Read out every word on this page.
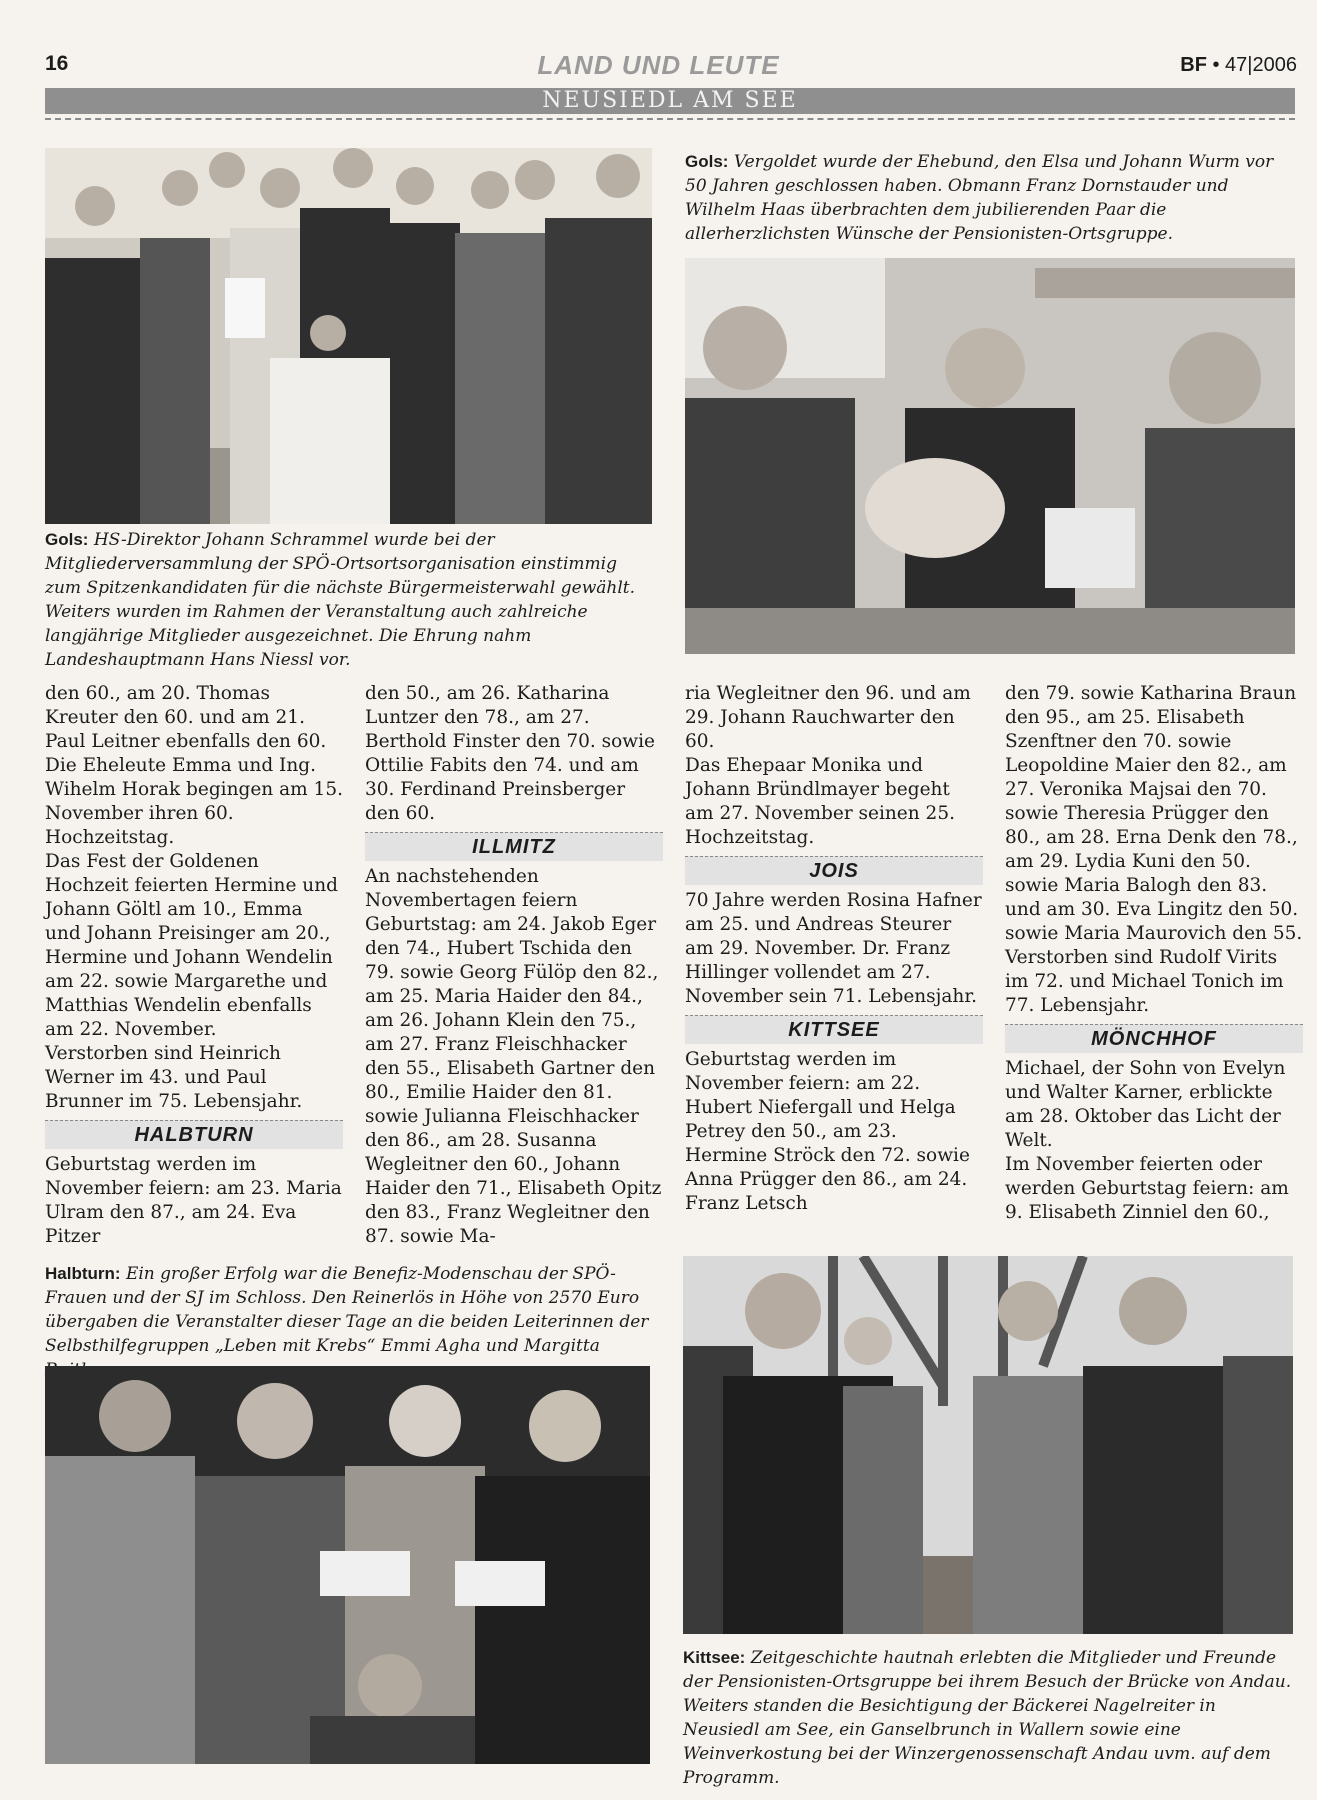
16	LAND UND LEUTE	BF • 47|2006
NEUSIEDL AM SEE
Gols: HS-Direktor Johann Schrammel wurde bei der Mitgliederversammlung der SPÖ-Ortsortsorganisation einstimmig zum Spitzenkandidaten für die nächste Bürgermeisterwahl gewählt. Weiters wurden im Rahmen der Veranstaltung auch zahlreiche langjährige Mitglieder ausgezeichnet. Die Ehrung nahm Landeshauptmann Hans Niessl vor.
Gols: Vergoldet wurde der Ehebund, den Elsa und Johann Wurm vor 50 Jahren geschlossen haben. Obmann Franz Dornstauder und Wilhelm Haas überbrachten dem jubilierenden Paar die allerherzlichsten Wünsche der Pensionisten-Ortsgruppe.

den 60., am 20. Thomas Kreuter den 60. und am 21. Paul Leitner ebenfalls den 60.

Die Eheleute Emma und Ing. Wihelm Horak begingen am 15. November ihren 60. Hochzeitstag.

Das Fest der Goldenen Hochzeit feierten Hermine und Johann Göltl am 10., Emma und Johann Preisinger am 20., Hermine und Johann Wendelin am 22. sowie Margarethe und Matthias Wendelin ebenfalls am 22. November.

Verstorben sind Heinrich Werner im 43. und Paul Brunner im 75. Lebensjahr.

HALBTURN

Geburtstag werden im November feiern: am 23. Maria Ulram den 87., am 24. Eva Pitzer

den 50., am 26. Katharina Luntzer den 78., am 27. Berthold Finster den 70. sowie Ottilie Fabits den 74. und am 30. Ferdinand Preinsberger den 60.

ILLMITZ

An nachstehenden Novembertagen feiern Geburtstag: am 24. Jakob Eger den 74., Hubert Tschida den 79. sowie Georg Fülöp den 82., am 25. Maria Haider den 84., am 26. Johann Klein den 75., am 27. Franz Fleischhacker den 55., Elisabeth Gartner den 80., Emilie Haider den 81. sowie Julianna Fleischhacker den 86., am 28. Susanna Wegleitner den 60., Johann Haider den 71., Elisabeth Opitz den 83., Franz Wegleitner den 87. sowie Ma-

ria Wegleitner den 96. und am 29. Johann Rauchwarter den 60.

Das Ehepaar Monika und Johann Bründlmayer begeht am 27. November seinen 25. Hochzeitstag.

JOIS

70 Jahre werden Rosina Hafner am 25. und Andreas Steurer am 29. November. Dr. Franz Hillinger vollendet am 27. November sein 71. Lebensjahr.

KITTSEE

Geburtstag werden im November feiern: am 22. Hubert Niefergall und Helga Petrey den 50., am 23. Hermine Ströck den 72. sowie Anna Prügger den 86., am 24. Franz Letsch

den 79. sowie Katharina Braun den 95., am 25. Elisabeth Szenftner den 70. sowie Leopoldine Maier den 82., am 27. Veronika Majsai den 70. sowie Theresia Prügger den 80., am 28. Erna Denk den 78., am 29. Lydia Kuni den 50. sowie Maria Balogh den 83. und am 30. Eva Lingitz den 50. sowie Maria Maurovich den 55.

Verstorben sind Rudolf Virits im 72. und Michael Tonich im 77. Lebensjahr.

MÖNCHHOF

Michael, der Sohn von Evelyn und Walter Karner, erblickte am 28. Oktober das Licht der Welt.

Im November feierten oder werden Geburtstag feiern: am 9. Elisabeth Zinniel den 60.,

Halbturn: Ein großer Erfolg war die Benefiz-Modenschau der SPÖ-Frauen und der SJ im Schloss. Den Reinerlös in Höhe von 2570 Euro übergaben die Veranstalter dieser Tage an die beiden Leiterinnen der Selbsthilfegruppen „Leben mit Krebs“ Emmi Agha und Margitta
Kittsee: Zeitgeschichte hautnah erlebten die Mitglieder und Freunde der Pensionisten-Ortsgruppe bei ihrem Besuch der Brücke von Andau. Weiters standen die Besichtigung der Bäckerei Nagelreiter in Neusiedl am See, ein Ganselbrunch in Wallern sowie eine Weinverkostung bei der Winzergenossenschaft Andau uvm. auf dem Programm.
